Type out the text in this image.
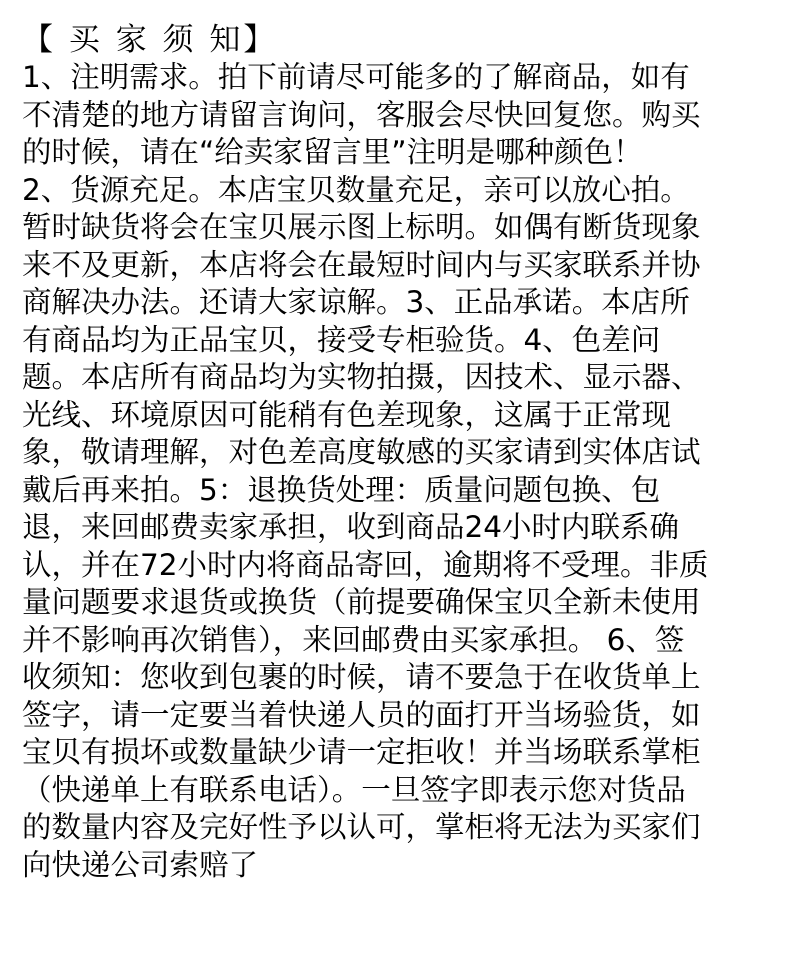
【 买 家 须 知】
1、注明需求。拍下前请尽可能多的了解商品，如有
不清楚的地方请留言询问，客服会尽快回复您。购买
的时候，请在“给卖家留言里”注明是哪种颜色！
2、货源充足。本店宝贝数量充足，亲可以放心拍。
暂时缺货将会在宝贝展示图上标明。如偶有断货现象
来不及更新，本店将会在最短时间内与买家联系并协
商解决办法。还请大家谅解。3、正品承诺。本店所
有商品均为正品宝贝，接受专柜验货。4、色差问
题。本店所有商品均为实物拍摄，因技术、显示器、
光线、环境原因可能稍有色差现象，这属于正常现
象，敬请理解，对色差高度敏感的买家请到实体店试
戴后再来拍。5：退换货处理：质量问题包换、包
退，来回邮费卖家承担，收到商品24小时内联系确
认，并在72小时内将商品寄回，逾期将不受理。非质
量问题要求退货或换货（前提要确保宝贝全新未使用
并不影响再次销售），来回邮费由买家承担。 6、签
收须知：您收到包裹的时候，请不要急于在收货单上
签字，请一定要当着快递人员的面打开当场验货，如
宝贝有损坏或数量缺少请一定拒收！并当场联系掌柜
（快递单上有联系电话）。一旦签字即表示您对货品
的数量内容及完好性予以认可，掌柜将无法为买家们
向快递公司索赔了
